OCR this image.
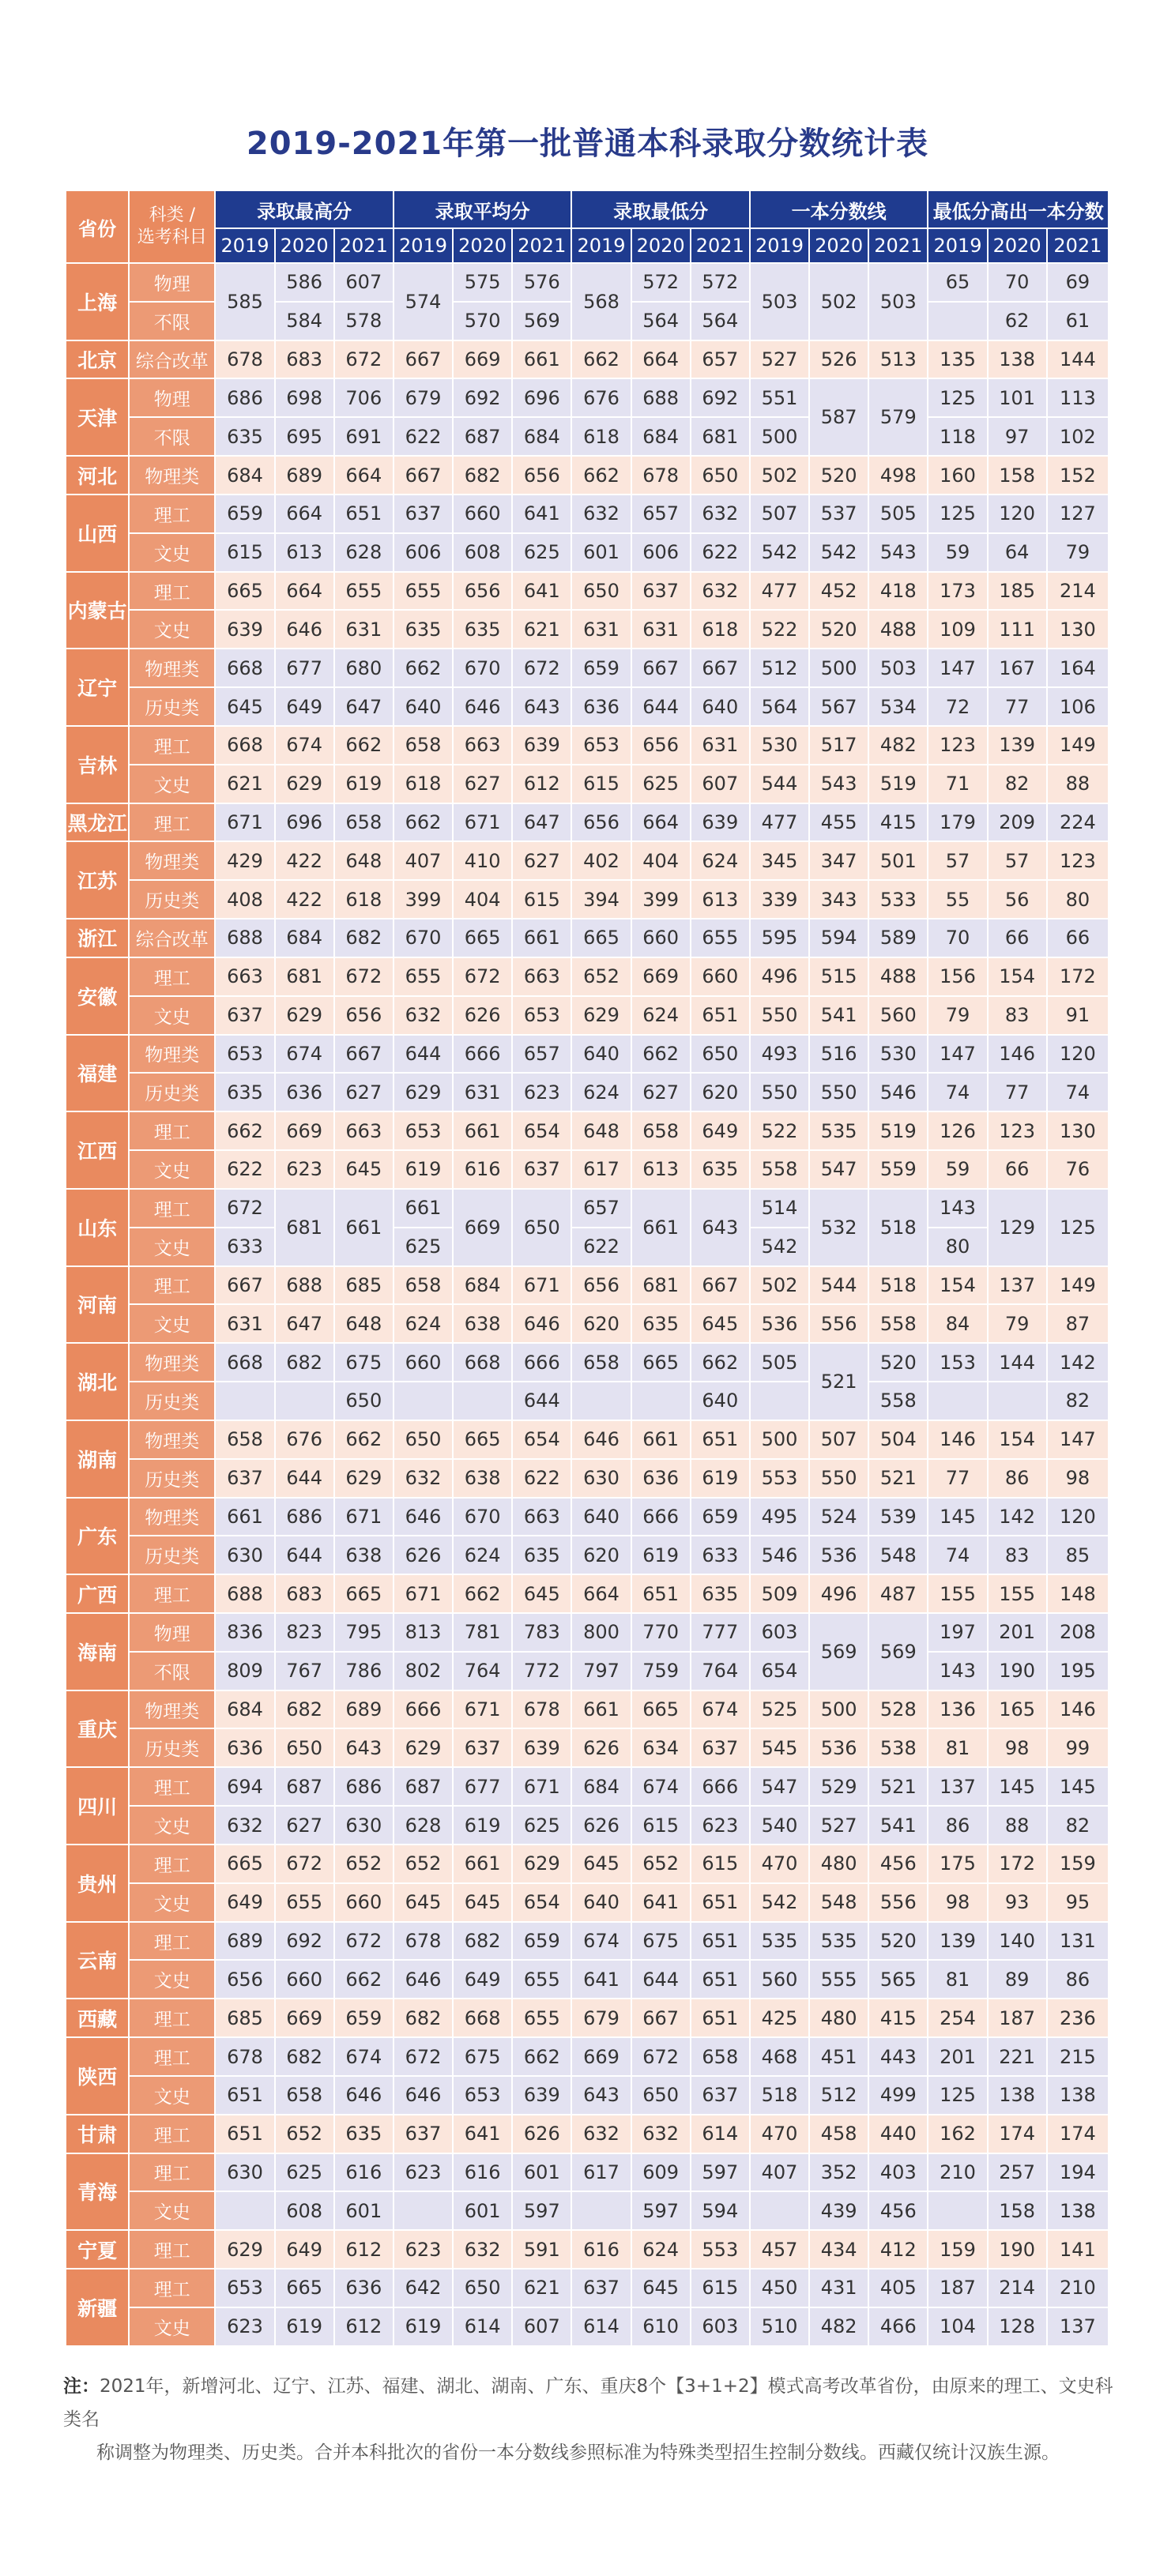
2019-2021年第一批普通本科录取分数统计表
省份	科类 /
选考科目	录取最高分			录取平均分			录取最低分			一本分数线			最低分高出一本分数		
		2019	2020	2021	2019	2020	2021	2019	2020	2021	2019	2020	2021	2019	2020	2021
上海	物理	585	586	607	574	575	576	568	572	572	503	502	503	65	70	69
	不限		584	578		570	569		564	564					62	61
北京	综合改革	678	683	672	667	669	661	662	664	657	527	526	513	135	138	144
天津	物理	686	698	706	679	692	696	676	688	692	551	587	579	125	101	113
	不限	635	695	691	622	687	684	618	684	681	500			118	97	102
河北	物理类	684	689	664	667	682	656	662	678	650	502	520	498	160	158	152
山西	理工	659	664	651	637	660	641	632	657	632	507	537	505	125	120	127
	文史	615	613	628	606	608	625	601	606	622	542	542	543	59	64	79
内蒙古	理工	665	664	655	655	656	641	650	637	632	477	452	418	173	185	214
	文史	639	646	631	635	635	621	631	631	618	522	520	488	109	111	130
辽宁	物理类	668	677	680	662	670	672	659	667	667	512	500	503	147	167	164
	历史类	645	649	647	640	646	643	636	644	640	564	567	534	72	77	106
吉林	理工	668	674	662	658	663	639	653	656	631	530	517	482	123	139	149
	文史	621	629	619	618	627	612	615	625	607	544	543	519	71	82	88
黑龙江	理工	671	696	658	662	671	647	656	664	639	477	455	415	179	209	224
江苏	物理类	429	422	648	407	410	627	402	404	624	345	347	501	57	57	123
	历史类	408	422	618	399	404	615	394	399	613	339	343	533	55	56	80
浙江	综合改革	688	684	682	670	665	661	665	660	655	595	594	589	70	66	66
安徽	理工	663	681	672	655	672	663	652	669	660	496	515	488	156	154	172
	文史	637	629	656	632	626	653	629	624	651	550	541	560	79	83	91
福建	物理类	653	674	667	644	666	657	640	662	650	493	516	530	147	146	120
	历史类	635	636	627	629	631	623	624	627	620	550	550	546	74	77	74
江西	理工	662	669	663	653	661	654	648	658	649	522	535	519	126	123	130
	文史	622	623	645	619	616	637	617	613	635	558	547	559	59	66	76
山东	理工	672	681	661	661	669	650	657	661	643	514	532	518	143	129	125
	文史	633			625			622			542			80		
河南	理工	667	688	685	658	684	671	656	681	667	502	544	518	154	137	149
	文史	631	647	648	624	638	646	620	635	645	536	556	558	84	79	87
湖北	物理类	668	682	675	660	668	666	658	665	662	505	521	520	153	144	142
	历史类			650			644			640			558			82
湖南	物理类	658	676	662	650	665	654	646	661	651	500	507	504	146	154	147
	历史类	637	644	629	632	638	622	630	636	619	553	550	521	77	86	98
广东	物理类	661	686	671	646	670	663	640	666	659	495	524	539	145	142	120
	历史类	630	644	638	626	624	635	620	619	633	546	536	548	74	83	85
广西	理工	688	683	665	671	662	645	664	651	635	509	496	487	155	155	148
海南	物理	836	823	795	813	781	783	800	770	777	603	569	569	197	201	208
	不限	809	767	786	802	764	772	797	759	764	654			143	190	195
重庆	物理类	684	682	689	666	671	678	661	665	674	525	500	528	136	165	146
	历史类	636	650	643	629	637	639	626	634	637	545	536	538	81	98	99
四川	理工	694	687	686	687	677	671	684	674	666	547	529	521	137	145	145
	文史	632	627	630	628	619	625	626	615	623	540	527	541	86	88	82
贵州	理工	665	672	652	652	661	629	645	652	615	470	480	456	175	172	159
	文史	649	655	660	645	645	654	640	641	651	542	548	556	98	93	95
云南	理工	689	692	672	678	682	659	674	675	651	535	535	520	139	140	131
	文史	656	660	662	646	649	655	641	644	651	560	555	565	81	89	86
西藏	理工	685	669	659	682	668	655	679	667	651	425	480	415	254	187	236
陕西	理工	678	682	674	672	675	662	669	672	658	468	451	443	201	221	215
	文史	651	658	646	646	653	639	643	650	637	518	512	499	125	138	138
甘肃	理工	651	652	635	637	641	626	632	632	614	470	458	440	162	174	174
青海	理工	630	625	616	623	616	601	617	609	597	407	352	403	210	257	194
	文史		608	601		601	597		597	594		439	456		158	138
宁夏	理工	629	649	612	623	632	591	616	624	553	457	434	412	159	190	141
新疆	理工	653	665	636	642	650	621	637	645	615	450	431	405	187	214	210
	文史	623	619	612	619	614	607	614	610	603	510	482	466	104	128	137
注：2021年，新增河北、辽宁、江苏、福建、湖北、湖南、广东、重庆8个【3+1+2】模式高考改革省份，由原来的理工、文史科类名
称调整为物理类、历史类。合并本科批次的省份一本分数线参照标准为特殊类型招生控制分数线。西藏仅统计汉族生源。
